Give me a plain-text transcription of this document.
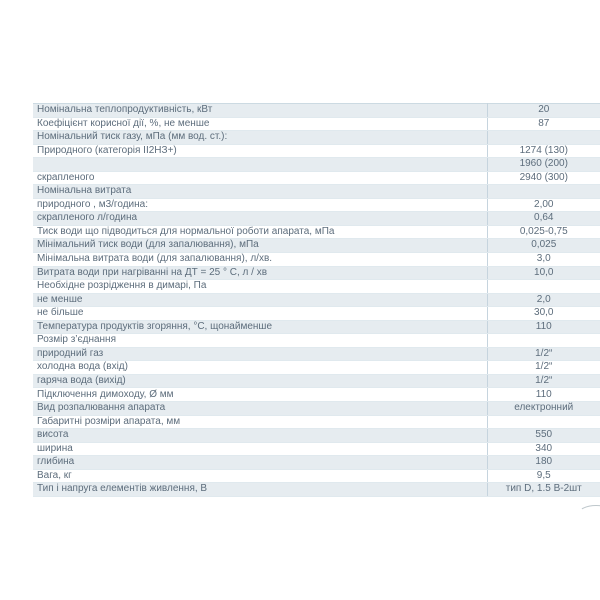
Номінальна теплопродуктивність, кВт	20
Коефіцієнт корисної дії, %, не менше	87
Номінальний тиск газу, мПа (мм вод. ст.):	
Природного (категорія ІІ2НЗ+)	1274 (130)
	1960 (200)
скрапленого	2940 (300)
Номінальна витрата	
природного , м3/година:	2,00
скрапленого л/година	0,64
Тиск води що підводиться для нормальної роботи апарата, мПа	0,025-0,75
Мінімальний тиск води (для запалювання), мПа	0,025
Мінімальна витрата води (для запалювання), л/хв.	3,0
Витрата води при нагріванні на ДТ = 25 ° С, л / хв	10,0
Необхідне розрідження в димарі, Па	
не менше	2,0
не більше	30,0
Температура продуктів згоряння, °С, щонайменше	110
Розмір з’єднання	
природний газ	1/2“
холодна вода (вхід)	1/2“
гаряча вода (вихід)	1/2“
Підключення димоходу, Ø мм	110
Вид розпалювання апарата	електронний
Габаритні розміри апарата, мм	
висота	550
ширина	340
глибина	180
Вага, кг	9,5
Тип і напруга елементів живлення, В	тип D, 1.5 В-2шт
